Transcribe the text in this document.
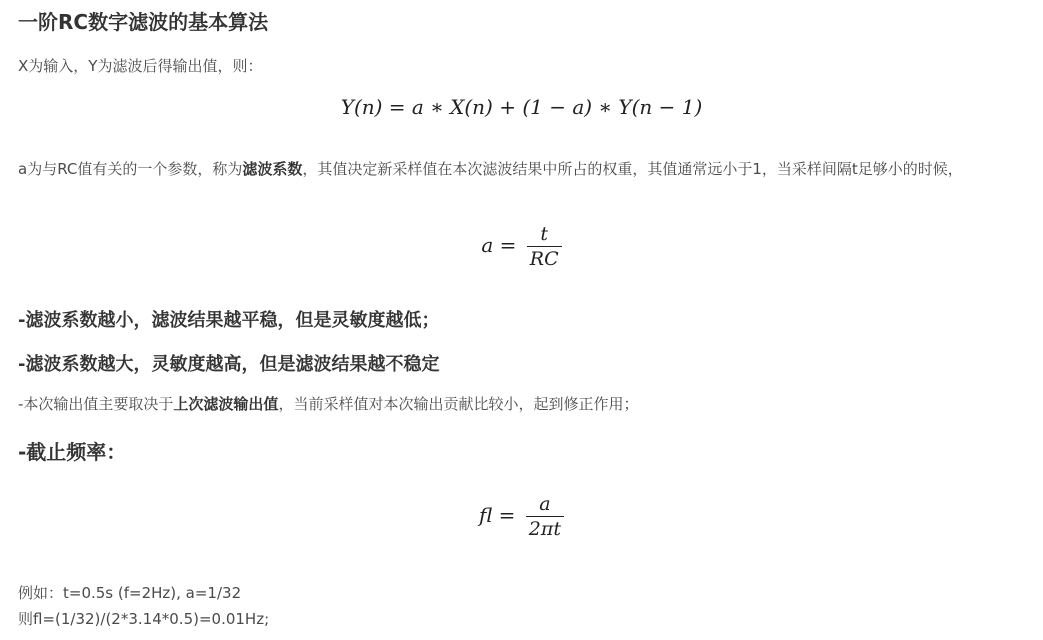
一阶RC数字滤波的基本算法
X为输入，Y为滤波后得输出值，则：
Y(n) = a ∗ X(n) + (1 − a) ∗ Y(n − 1)
a为与RC值有关的一个参数，称为滤波系数，其值决定新采样值在本次滤波结果中所占的权重，其值通常远小于1，当采样间隔t足够小的时候，
$a = \frac{t}{RC}$
-滤波系数越小，滤波结果越平稳，但是灵敏度越低；
-滤波系数越大，灵敏度越高，但是滤波结果越不稳定
-本次输出值主要取决于上次滤波输出值，当前采样值对本次输出贡献比较小，起到修正作用；
-截止频率：
fl = $\frac{a}{2\pi t}$
例如：t=0.5s (f=2Hz), a=1/32
则fl=(1/32)/(2*3.14*0.5)=0.01Hz;
